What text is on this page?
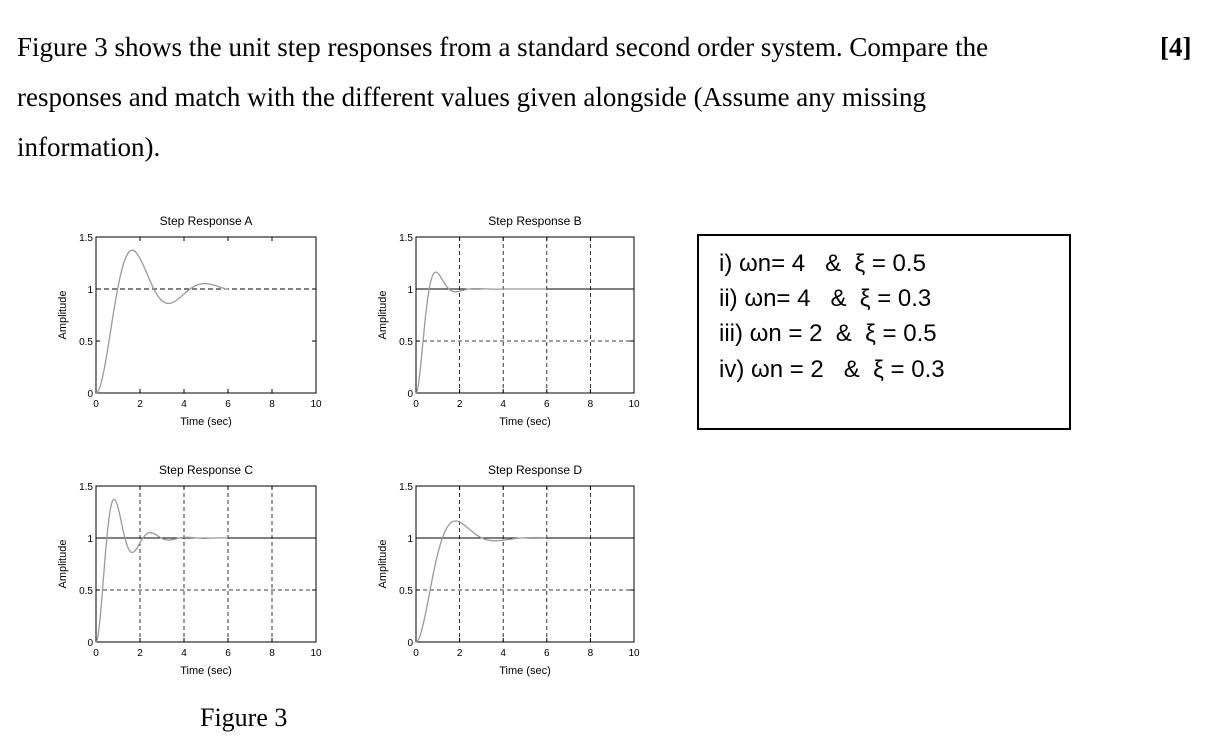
Figure 3 shows the unit step responses from a standard second order system. Compare the
responses and match with the different values given alongside (Assume any missing
information).
[4]
0	2	4	6	8	10
0
0.5
1
1.5
Step Response A
Time (sec)
Amplitude
0	2	4	6	8	10
0
0.5
1
1.5
Step Response B
Time (sec)
Amplitude
0	2	4	6	8	10
0
0.5
1
1.5
Step Response C
Time (sec)
Amplitude
0	2	4	6	8	10
0
0.5
1
1.5
Step Response D
Time (sec)
Amplitude
i) ωn= 4   &  ξ = 0.5
ii) ωn= 4   &  ξ = 0.3
iii) ωn = 2  &  ξ = 0.5
iv) ωn = 2   &  ξ = 0.3
Figure 3
